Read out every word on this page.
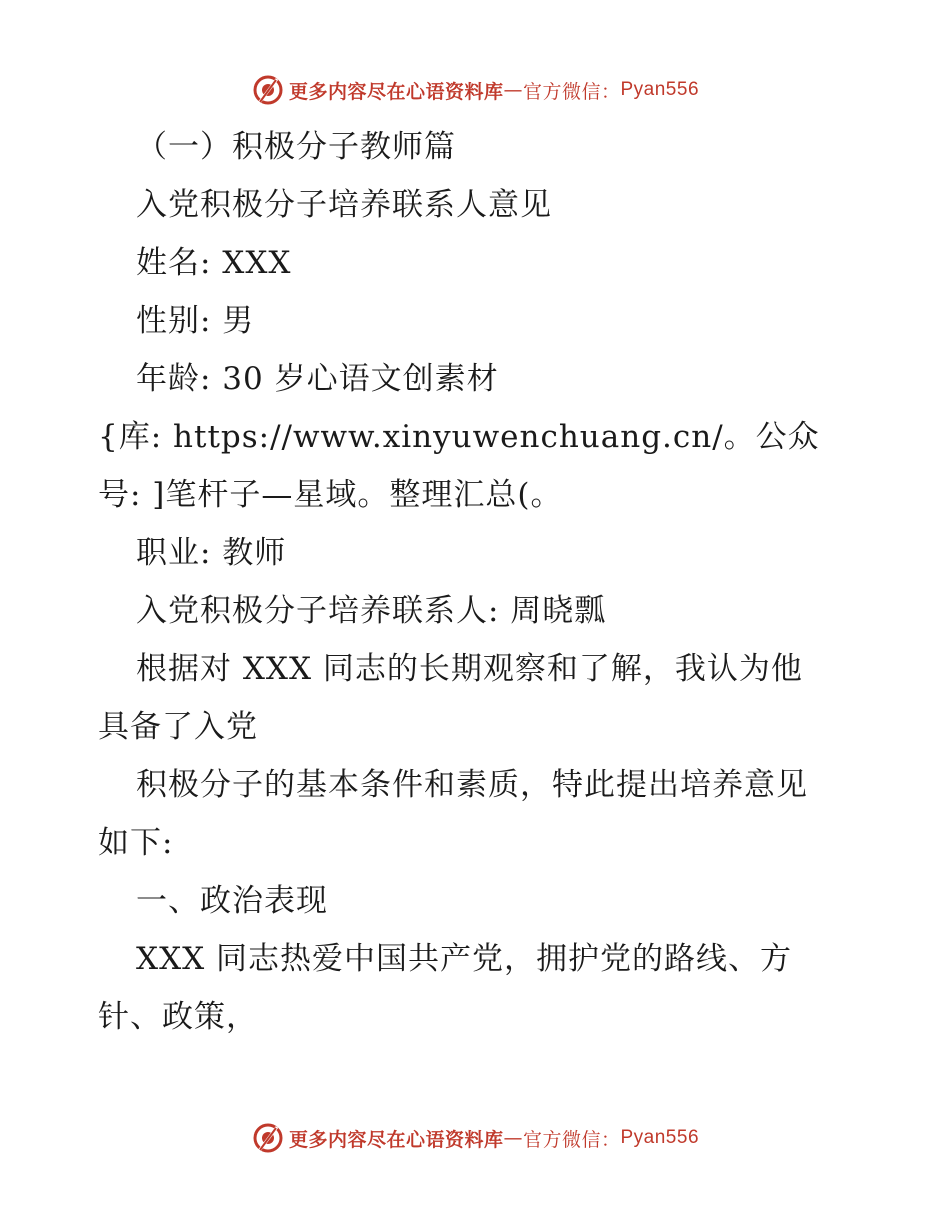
更多内容尽在心语资料库 — 官方微信： Pyan556
（一）积极分子教师篇
入党积极分子培养联系人意见
姓名: XXX
性别: 男
年龄: 30 岁心语文创素材
{库: https://www.xinyuwenchuang.cn/。公众
号: ]笔杆子—星域。整理汇总(。
职业: 教师
入党积极分子培养联系人: 周晓瓢
根据对 XXX 同志的长期观察和了解，我认为他
具备了入党
积极分子的基本条件和素质，特此提出培养意见
如下:
一、政治表现
XXX 同志热爱中国共产党，拥护党的路线、方
针、政策，
更多内容尽在心语资料库 — 官方微信： Pyan556
